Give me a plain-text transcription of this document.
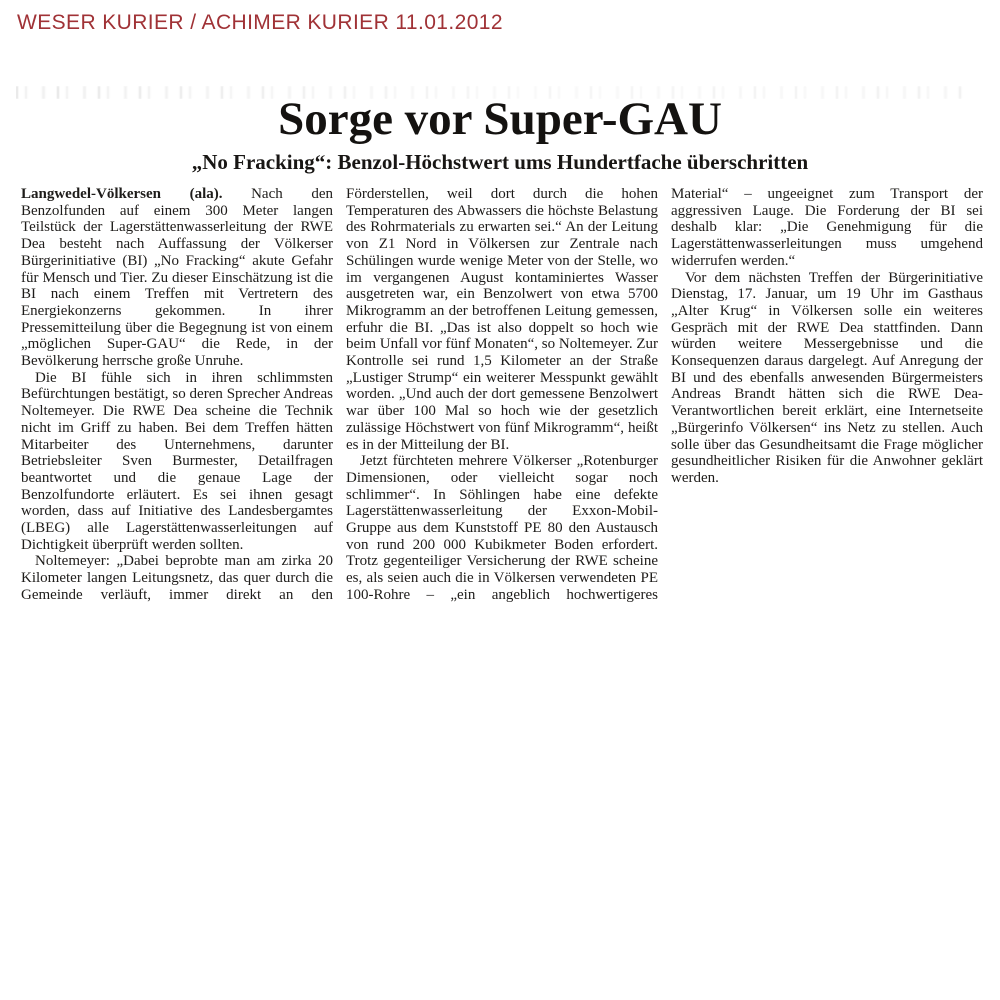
WESER KURIER / ACHIMER KURIER 11.01.2012
Sorge vor Super-GAU
„No Fracking“: Benzol-Höchstwert ums Hundertfache überschritten

Langwedel-Völkersen (ala). Nach den Benzolfunden auf einem 300 Meter langen Teilstück der Lagerstättenwasserleitung der RWE Dea besteht nach Auffassung der Völkerser Bürgerinitiative (BI) „No Fracking“ akute Gefahr für Mensch und Tier. Zu dieser Einschätzung ist die BI nach einem Treffen mit Vertretern des Energiekonzerns gekommen. In ihrer Pressemitteilung über die Begegnung ist von einem „möglichen Super-GAU“ die Rede, in der Bevölkerung herrsche große Unruhe.

Die BI fühle sich in ihren schlimmsten Befürchtungen bestätigt, so deren Sprecher Andreas Noltemeyer. Die RWE Dea scheine die Technik nicht im Griff zu haben. Bei dem Treffen hätten Mitarbeiter des Unternehmens, darunter Betriebsleiter Sven Burmester, Detailfragen beantwortet und die genaue Lage der Benzolfundorte erläutert. Es sei ihnen gesagt worden, dass auf Initiative des Landesbergamtes (LBEG) alle Lagerstättenwasserleitungen auf Dichtigkeit überprüft werden sollten.

Noltemeyer: „Dabei beprobte man am zirka 20 Kilometer langen Leitungsnetz, das quer durch die Gemeinde verläuft, immer direkt an den Förderstellen, weil dort durch die hohen Temperaturen des Abwassers die höchste Belastung des Rohrmaterials zu erwarten sei.“ An der Leitung von Z1 Nord in Völkersen zur Zentrale nach Schülingen wurde wenige Meter von der Stelle, wo im vergangenen August kontaminiertes Wasser ausgetreten war, ein Benzolwert von etwa 5700 Mikrogramm an der betroffenen Leitung gemessen, erfuhr die BI. „Das ist also doppelt so hoch wie beim Unfall vor fünf Monaten“, so Noltemeyer. Zur Kontrolle sei rund 1,5 Kilometer an der Straße „Lustiger Strump“ ein weiterer Messpunkt gewählt worden. „Und auch der dort gemessene Benzolwert war über 100 Mal so hoch wie der gesetzlich zulässige Höchstwert von fünf Mikrogramm“, heißt es in der Mitteilung der BI.

Jetzt fürchteten mehrere Völkerser „Rotenburger Dimensionen, oder vielleicht sogar noch schlimmer“. In Söhlingen habe eine defekte Lagerstättenwasserleitung der Exxon-Mobil-Gruppe aus dem Kunststoff PE 80 den Austausch von rund 200 000 Kubikmeter Boden erfordert. Trotz gegenteiliger Versicherung der RWE scheine es, als seien auch die in Völkersen verwendeten PE 100-Rohre – „ein angeblich hochwertigeres Material“ – ungeeignet zum Transport der aggressiven Lauge. Die Forderung der BI sei deshalb klar: „Die Genehmigung für die Lagerstättenwasserleitungen muss umgehend widerrufen werden.“

Vor dem nächsten Treffen der Bürgerinitiative Dienstag, 17. Januar, um 19 Uhr im Gasthaus „Alter Krug“ in Völkersen solle ein weiteres Gespräch mit der RWE Dea stattfinden. Dann würden weitere Messergebnisse und die Konsequenzen daraus dargelegt. Auf Anregung der BI und des ebenfalls anwesenden Bürgermeisters Andreas Brandt hätten sich die RWE Dea-Verantwortlichen bereit erklärt, eine Internetseite „Bürgerinfo Völkersen“ ins Netz zu stellen. Auch solle über das Gesundheitsamt die Frage möglicher gesundheitlicher Risiken für die Anwohner geklärt werden.
